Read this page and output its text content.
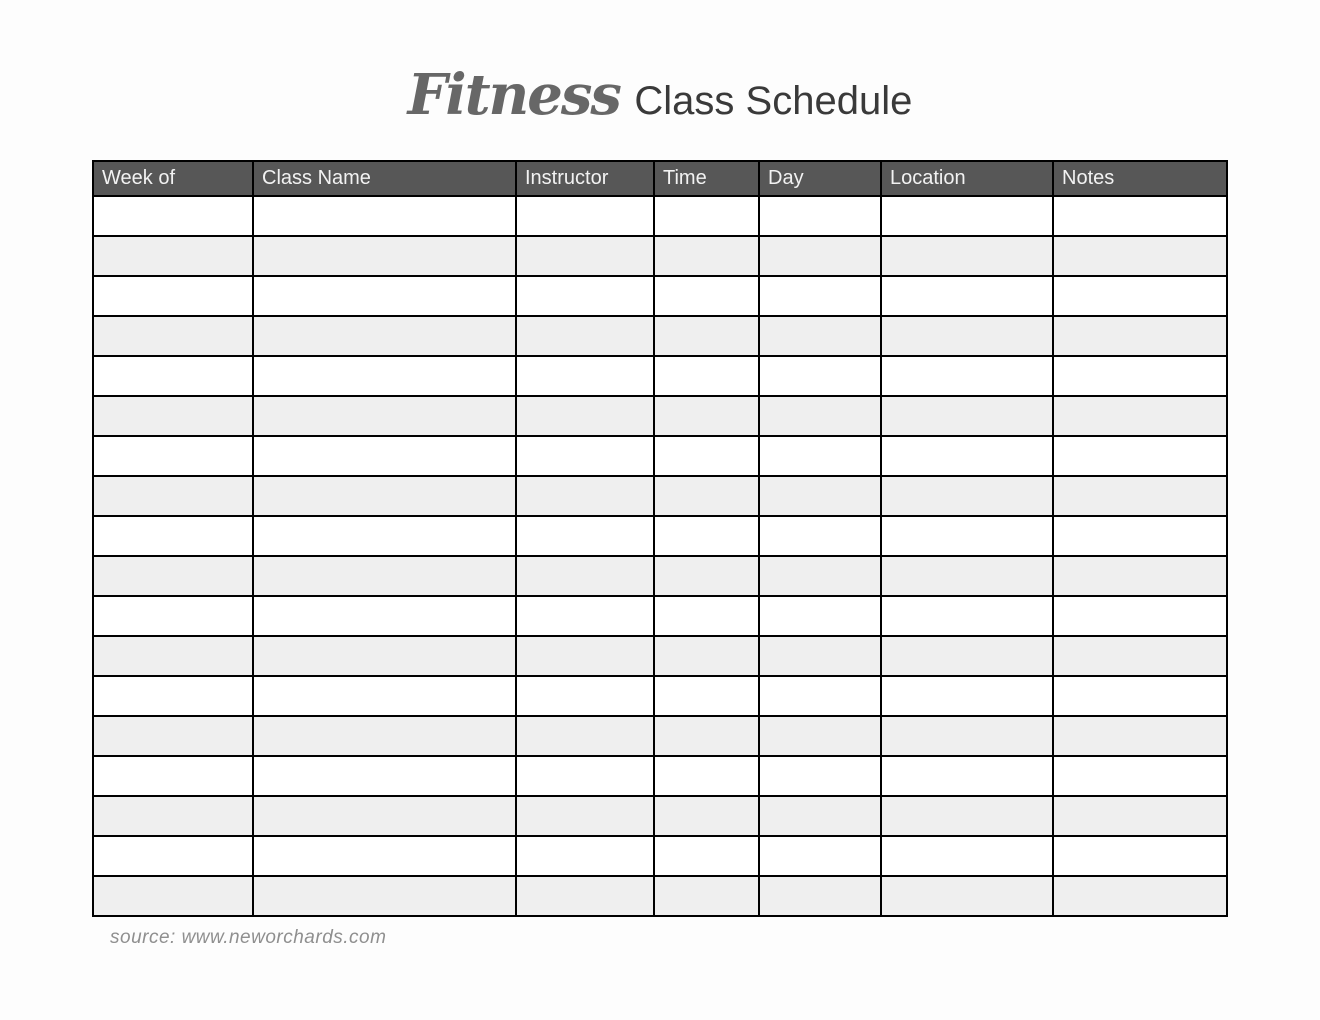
Fitness Class Schedule
Week of	Class Name	Instructor	Time	Day	Location	Notes

source: www.neworchards.com
